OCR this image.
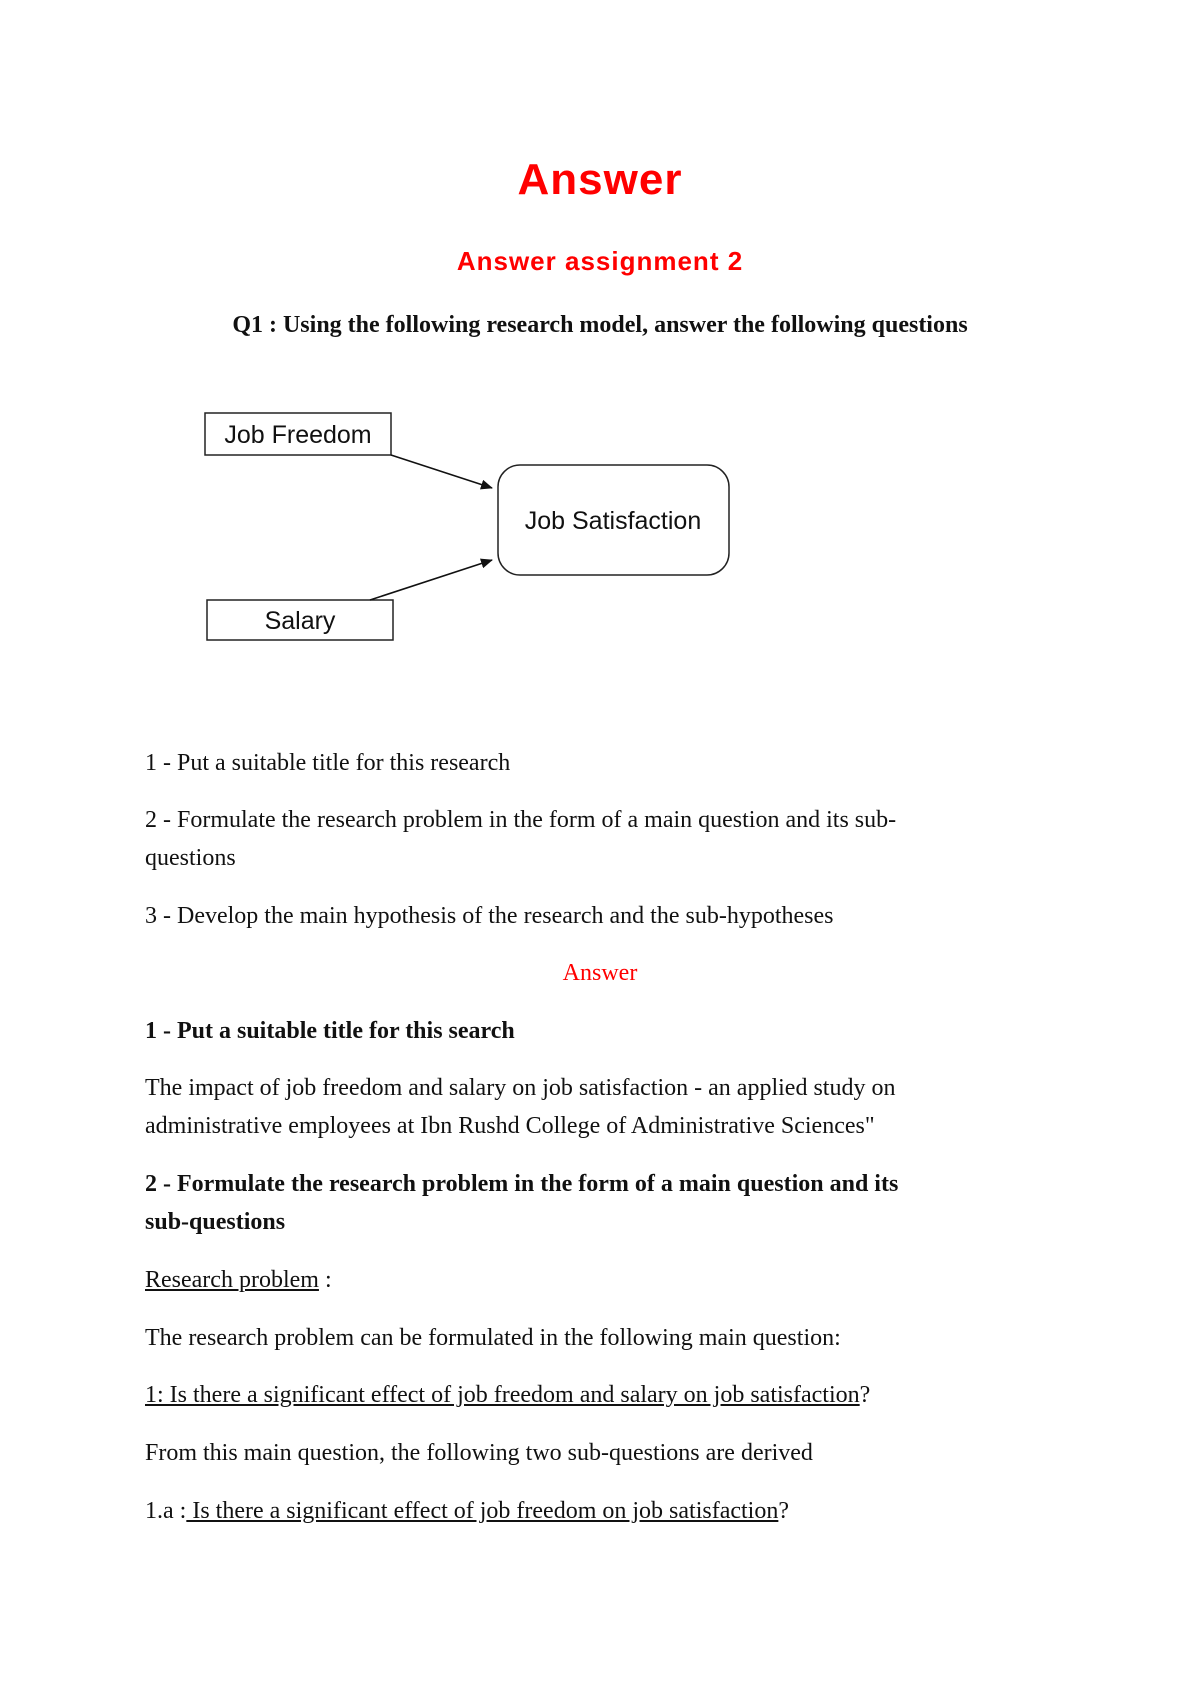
Answer
Answer assignment 2
Q1 : Using the following research model, answer the following questions
Job Freedom
Salary
Job Satisfaction
1 - Put a suitable title for this research
2 - Formulate the research problem in the form of a main question and its sub-
questions
3 - Develop the main hypothesis of the research and the sub-hypotheses
Answer
1 - Put a suitable title for this search
The impact of job freedom and salary on job satisfaction - an applied study on
administrative employees at Ibn Rushd College of Administrative Sciences"
2 - Formulate the research problem in the form of a main question and its
sub-questions
Research problem :
The research problem can be formulated in the following main question:
1: Is there a significant effect of job freedom and salary on job satisfaction?
From this main question, the following two sub-questions are derived
1.a : Is there a significant effect of job freedom on job satisfaction?
